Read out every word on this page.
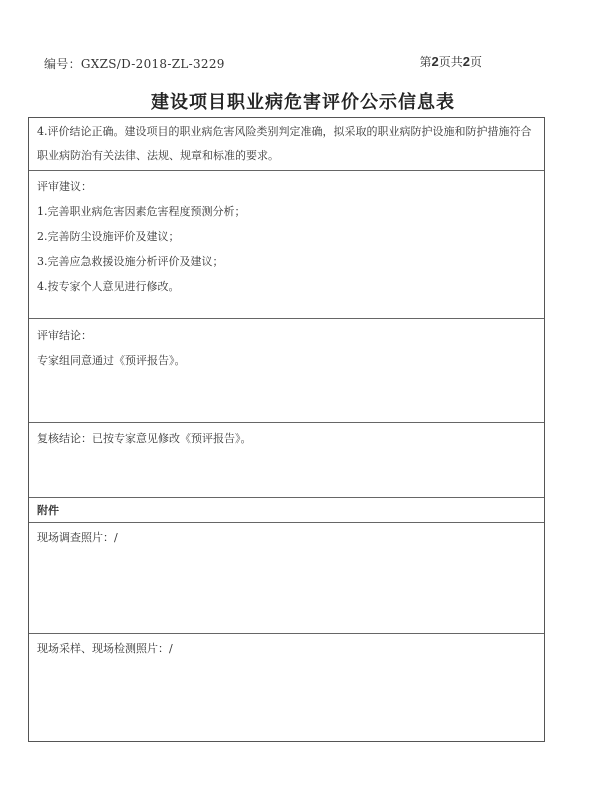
编号：GXZS/D-2018-ZL-3229	第2页共2页
建设项目职业病危害评价公示信息表
4.评价结论正确。建设项目的职业病危害风险类别判定准确，拟采取的职业病防护设施和防护措施符合
职业病防治有关法律、法规、规章和标准的要求。
评审建议：
1.完善职业病危害因素危害程度预测分析；
2.完善防尘设施评价及建议；
3.完善应急救援设施分析评价及建议；
4.按专家个人意见进行修改。
评审结论：
专家组同意通过《预评报告》。
复核结论：已按专家意见修改《预评报告》。
附件
现场调查照片：/
现场采样、现场检测照片：/
